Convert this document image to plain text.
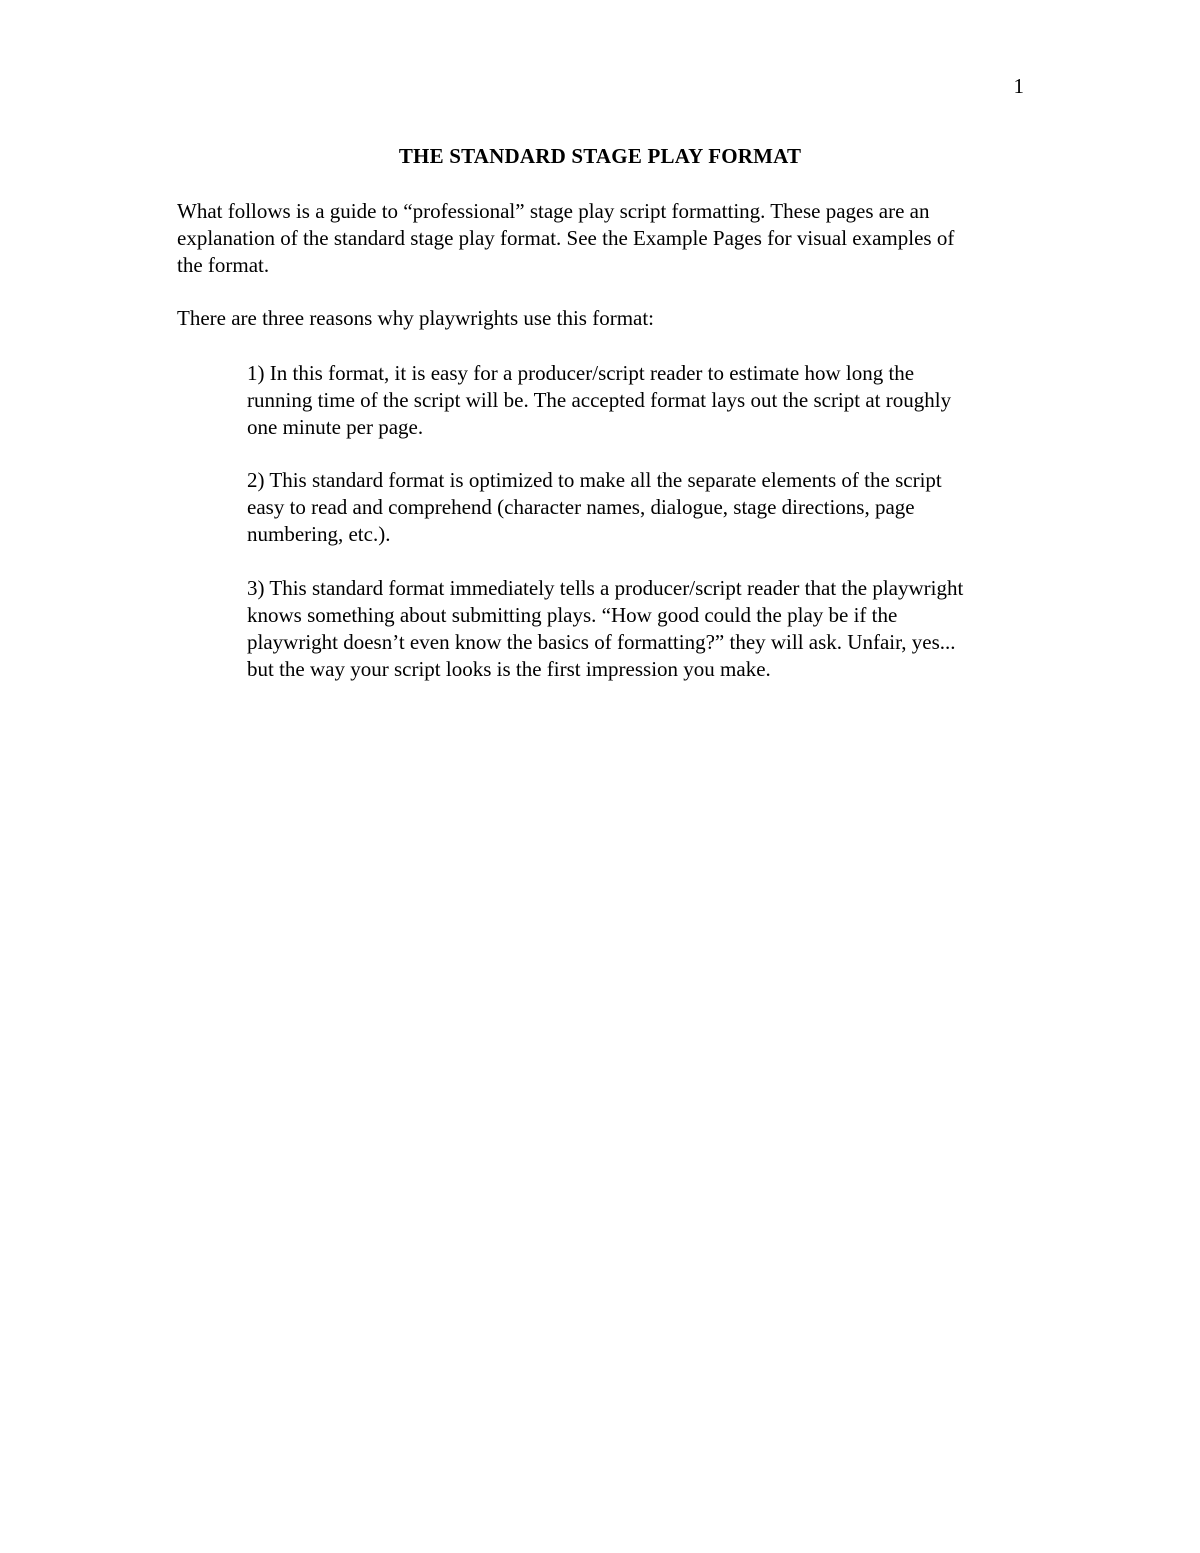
1
THE STANDARD STAGE PLAY FORMAT

What follows is a guide to “professional” stage play script formatting. These pages are an explanation of the standard stage play format. See the Example Pages for visual examples of the format.

There are three reasons why playwrights use this format:

1) In this format, it is easy for a producer/script reader to estimate how long the running time of the script will be. The accepted format lays out the script at roughly one minute per page.

2) This standard format is optimized to make all the separate elements of the script easy to read and comprehend (character names, dialogue, stage directions, page numbering, etc.).

3) This standard format immediately tells a producer/script reader that the playwright knows something about submitting plays. “How good could the play be if the playwright doesn’t even know the basics of formatting?” they will ask. Unfair, yes... but the way your script looks is the first impression you make.
